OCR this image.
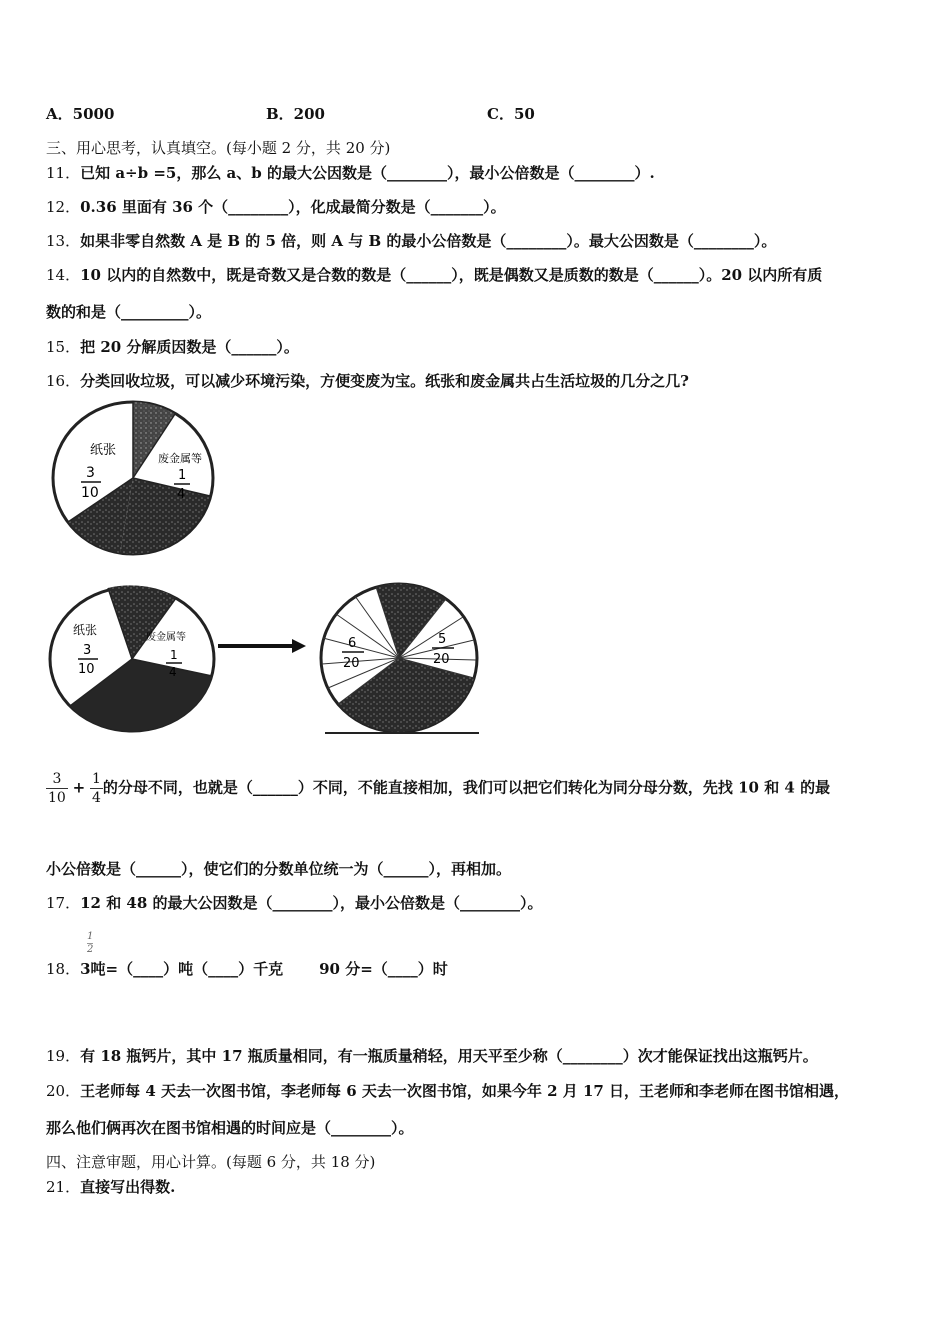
A．5000	B．200	C．50
三、用心思考，认真填空。(每小题 2 分，共 20 分)
11．已知 a÷b =5，那么 a、b 的最大公因数是（________），最小公倍数是（________）.
12．0.36 里面有 36 个（________），化成最简分数是（_______）。
13．如果非零自然数 A 是 B 的 5 倍，则 A 与 B 的最小公倍数是（________）。最大公因数是（________）。
14．10 以内的自然数中，既是奇数又是合数的数是（______），既是偶数又是质数的数是（______）。20 以内所有质
数的和是（_________）。
15．把 20 分解质因数是（______）。
16．分类回收垃圾，可以减少环境污染，方便变废为宝。纸张和废金属共占生活垃圾的几分之几?
纸张
3
10
废金属等
1
4
纸张
3
10
废金属等
1
4
6
20
5
20
$\frac{3}{10} + \frac{1}{4}$ 的分母不同，也就是（______）不同，不能直接相加，我们可以把它们转化为同分母分数，先找 10 和 4 的最
小公倍数是（______），使它们的分数单位统一为（______），再相加。
17．12 和 48 的最大公因数是（________），最小公倍数是（________）。
18．3吨=（____）吨（____）千克 90 分=（____）时
1
2
19．有 18 瓶钙片，其中 17 瓶质量相同，有一瓶质量稍轻，用天平至少称（________）次才能保证找出这瓶钙片。
20．王老师每 4 天去一次图书馆，李老师每 6 天去一次图书馆，如果今年 2 月 17 日，王老师和李老师在图书馆相遇，
那么他们俩再次在图书馆相遇的时间应是（________）。
四、注意审题，用心计算。(每题 6 分，共 18 分)
21．直接写出得数.
